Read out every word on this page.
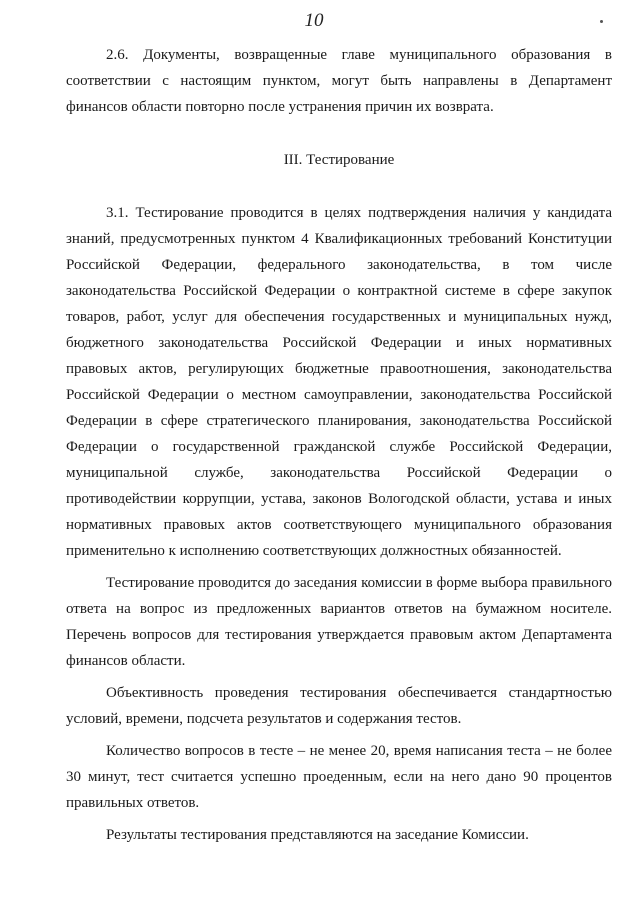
10

2.6. Документы, возвращенные главе муниципального образования в соответствии с настоящим пунктом, могут быть направлены в Департамент финансов области повторно после устранения причин их возврата.

III. Тестирование

3.1. Тестирование проводится в целях подтверждения наличия у кандидата знаний, предусмотренных пунктом 4 Квалификационных требований Конституции Российской Федерации, федерального законодательства, в том числе законодательства Российской Федерации о контрактной системе в сфере закупок товаров, работ, услуг для обеспечения государственных и муниципальных нужд, бюджетного законодательства Российской Федерации и иных нормативных правовых актов, регулирующих бюджетные правоотношения, законодательства Российской Федерации о местном самоуправлении, законодательства Российской Федерации в сфере стратегического планирования, законодательства Российской Федерации о государственной гражданской службе Российской Федерации, муниципальной службе, законодательства Российской Федерации о противодействии коррупции, устава, законов Вологодской области, устава и иных нормативных правовых актов соответствующего муниципального образования применительно к исполнению соответствующих должностных обязанностей.

Тестирование проводится до заседания комиссии в форме выбора правильного ответа на вопрос из предложенных вариантов ответов на бумажном носителе. Перечень вопросов для тестирования утверждается правовым актом Департамента финансов области.

Объективность проведения тестирования обеспечивается стандартностью условий, времени, подсчета результатов и содержания тестов.

Количество вопросов в тесте – не менее 20, время написания теста – не более 30 минут, тест считается успешно проеденным, если на него дано 90 процентов правильных ответов.

Результаты тестирования представляются на заседание Комиссии.
